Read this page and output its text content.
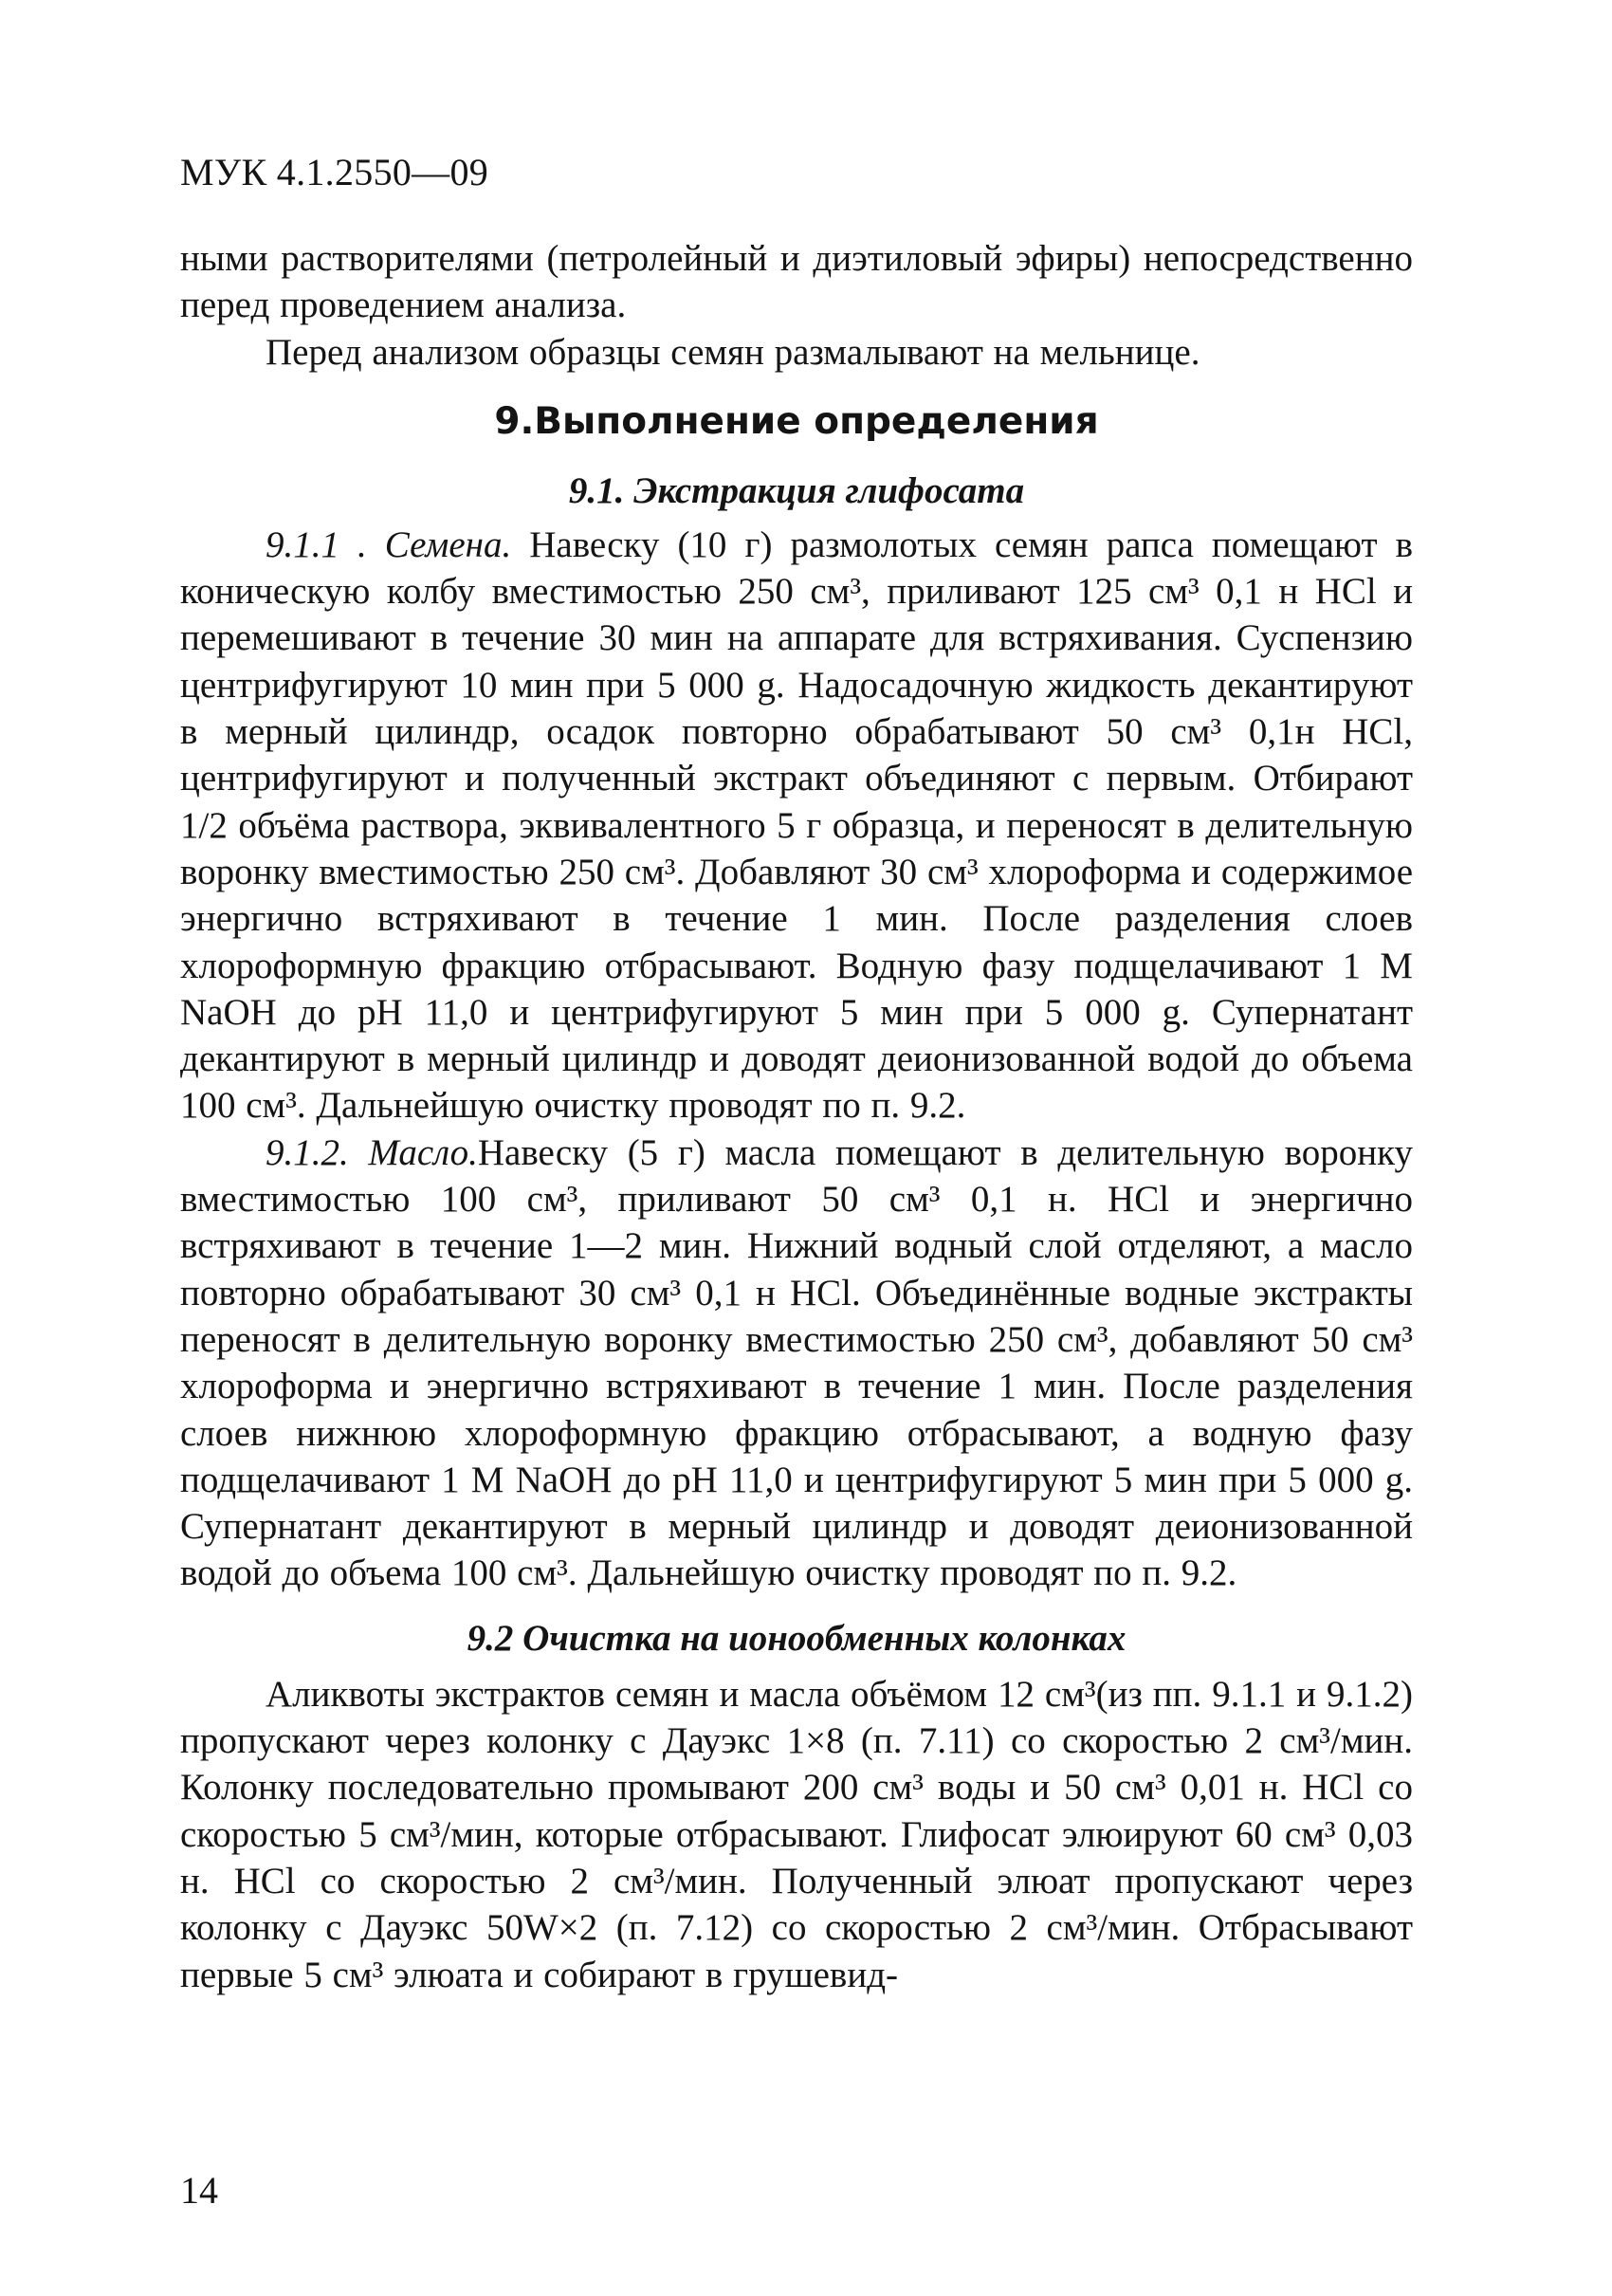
МУК 4.1.2550—09

ными растворителями (петролейный и диэтиловый эфиры) непосредственно перед проведением анализа.

Перед анализом образцы семян размалывают на мельнице.

9.Выполнение определения
9.1. Экстракция глифосата

9.1.1 . Семена. Навеску (10 г) размолотых семян рапса помещают в коническую колбу вместимостью 250 см³, приливают 125 см³ 0,1 н HCl и перемешивают в течение 30 мин на аппарате для встряхивания. Суспензию центрифугируют 10 мин при 5 000 g. Надосадочную жидкость декантируют в мерный цилиндр, осадок повторно обрабатывают 50 см³ 0,1н HCl, центрифугируют и полученный экстракт объединяют с первым. Отбирают 1/2 объёма раствора, эквивалентного 5 г образца, и переносят в делительную воронку вместимостью 250 см³. Добавляют 30 см³ хлороформа и содержимое энергично встряхивают в течение 1 мин. После разделения слоев хлороформную фракцию отбрасывают. Водную фазу подщелачивают 1 M NaOH до pH 11,0 и центрифугируют 5 мин при 5 000 g. Супернатант декантируют в мерный цилиндр и доводят деионизованной водой до объема 100 см³. Дальнейшую очистку проводят по п. 9.2.

9.1.2. Масло.Навеску (5 г) масла помещают в делительную воронку вместимостью 100 см³, приливают 50 см³ 0,1 н. HCl и энергично встряхивают в течение 1—2 мин. Нижний водный слой отделяют, а масло повторно обрабатывают 30 см³ 0,1 н HCl. Объединённые водные экстракты переносят в делительную воронку вместимостью 250 см³, добавляют 50 см³ хлороформа и энергично встряхивают в течение 1 мин. После разделения слоев нижнюю хлороформную фракцию отбрасывают, а водную фазу подщелачивают 1 M NaOH до pH 11,0 и центрифугируют 5 мин при 5 000 g. Супернатант декантируют в мерный цилиндр и доводят деионизованной водой до объема 100 см³. Дальнейшую очистку проводят по п. 9.2.

9.2 Очистка на ионообменных колонках

Аликвоты экстрактов семян и масла объёмом 12 см³(из пп. 9.1.1 и 9.1.2) пропускают через колонку с Дауэкс 1×8 (п. 7.11) со скоростью 2 см³/мин. Колонку последовательно промывают 200 см³ воды и 50 см³ 0,01 н. HCl со скоростью 5 см³/мин, которые отбрасывают. Глифосат элюируют 60 см³ 0,03 н. HCl со скоростью 2 см³/мин. Полученный элюат пропускают через колонку с Дауэкс 50W×2 (п. 7.12) со скоростью 2 см³/мин. Отбрасывают первые 5 см³ элюата и собирают в грушевид-

14
